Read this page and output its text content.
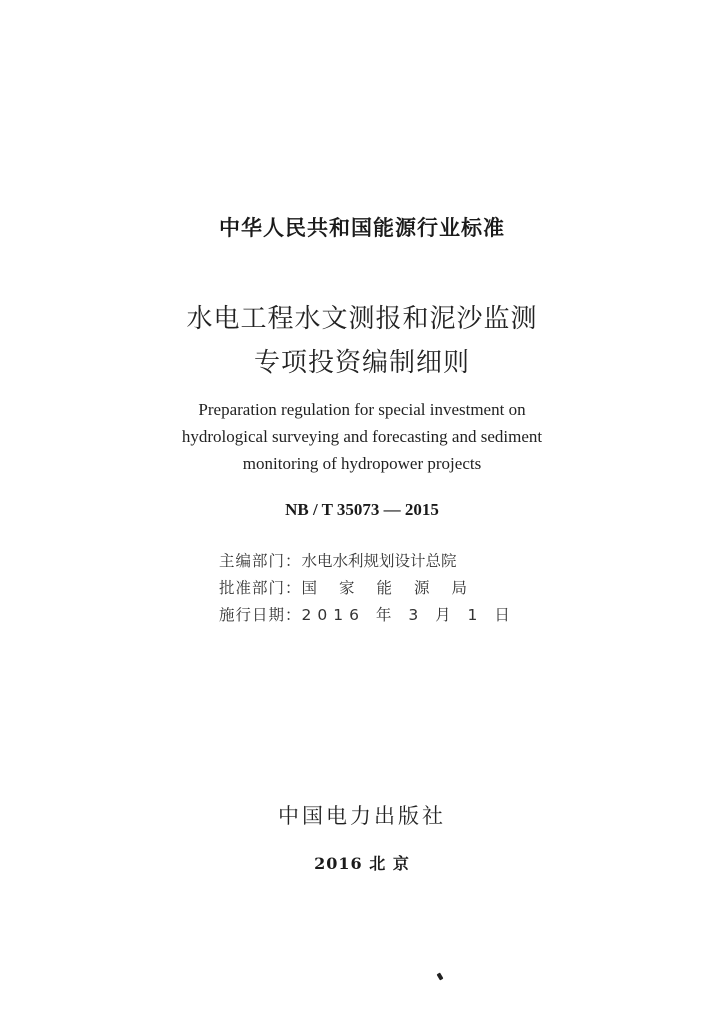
中华人民共和国能源行业标准
水电工程水文测报和泥沙监测
专项投资编制细则
Preparation regulation for special investment on
hydrological surveying and forecasting and sediment
monitoring of hydropower projects
NB / T 35073 — 2015
主编部门：水电水利规划设计总院
批准部门：国家能源局
施行日期：2016 年 3 月 1 日
中国电力出版社
2016 北 京
